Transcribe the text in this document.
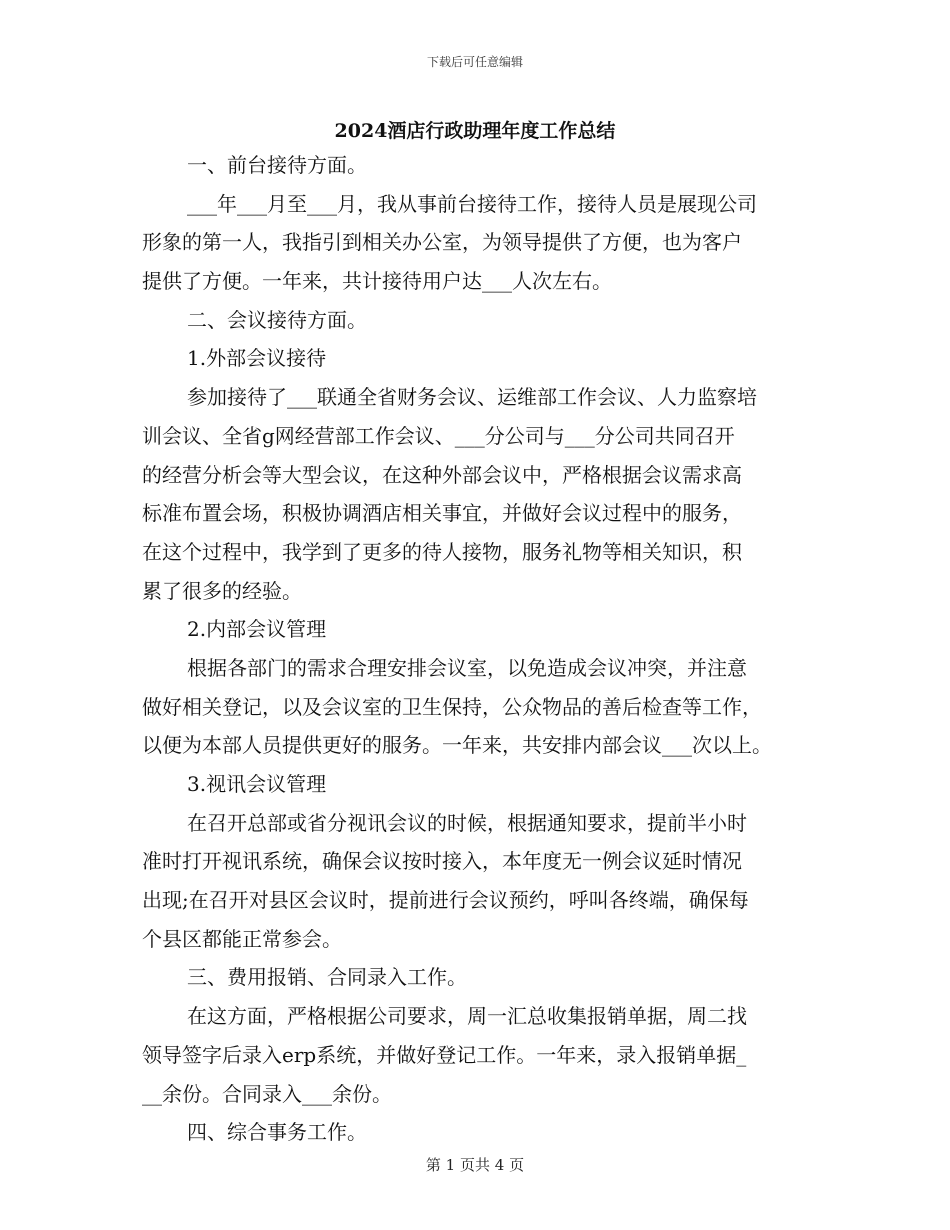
下载后可任意编辑
2024酒店行政助理年度工作总结
一、前台接待方面。
___年___月至___月，我从事前台接待工作，接待人员是展现公司
形象的第一人，我指引到相关办公室，为领导提供了方便，也为客户
提供了方便。一年来，共计接待用户达___人次左右。
二、会议接待方面。
1.外部会议接待
参加接待了___联通全省财务会议、运维部工作会议、人力监察培
训会议、全省g网经营部工作会议、___分公司与___分公司共同召开
的经营分析会等大型会议，在这种外部会议中，严格根据会议需求高
标准布置会场，积极协调酒店相关事宜，并做好会议过程中的服务，
在这个过程中，我学到了更多的待人接物，服务礼物等相关知识，积
累了很多的经验。
2.内部会议管理
根据各部门的需求合理安排会议室，以免造成会议冲突，并注意
做好相关登记，以及会议室的卫生保持，公众物品的善后检查等工作，
以便为本部人员提供更好的服务。一年来，共安排内部会议___次以上。
3.视讯会议管理
在召开总部或省分视讯会议的时候，根据通知要求，提前半小时
准时打开视讯系统，确保会议按时接入，本年度无一例会议延时情况
出现;在召开对县区会议时，提前进行会议预约，呼叫各终端，确保每
个县区都能正常参会。
三、费用报销、合同录入工作。
在这方面，严格根据公司要求，周一汇总收集报销单据，周二找
领导签字后录入erp系统，并做好登记工作。一年来，录入报销单据_
__余份。合同录入___余份。
四、综合事务工作。
第 1 页共 4 页
